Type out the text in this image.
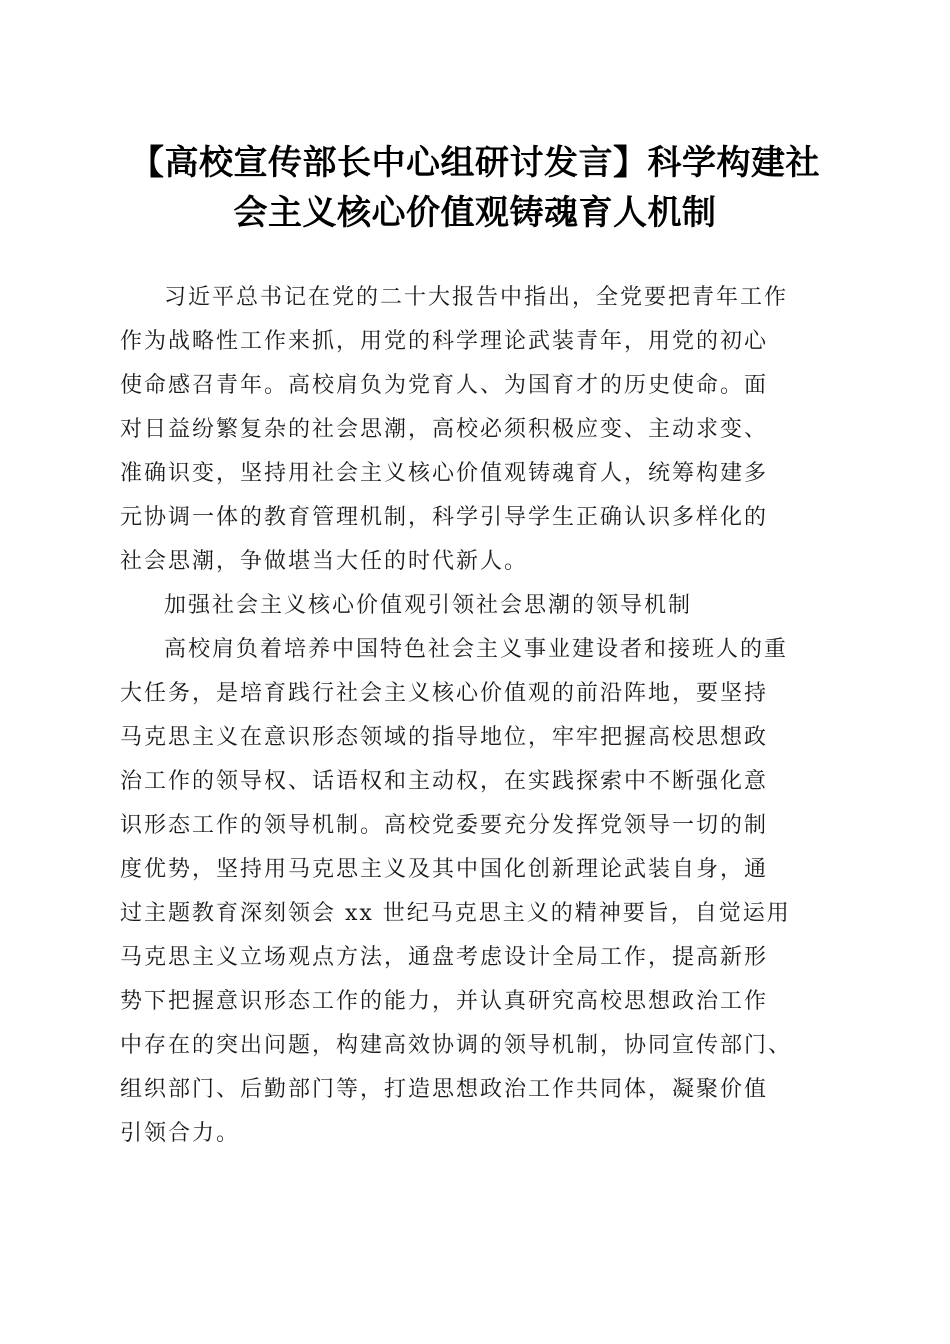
【高校宣传部长中心组研讨发言】科学构建社
会主义核心价值观铸魂育人机制
习近平总书记在党的二十大报告中指出，全党要把青年工作
作为战略性工作来抓，用党的科学理论武装青年，用党的初心
使命感召青年。高校肩负为党育人、为国育才的历史使命。面
对日益纷繁复杂的社会思潮，高校必须积极应变、主动求变、
准确识变，坚持用社会主义核心价值观铸魂育人，统筹构建多
元协调一体的教育管理机制，科学引导学生正确认识多样化的
社会思潮，争做堪当大任的时代新人。
加强社会主义核心价值观引领社会思潮的领导机制
高校肩负着培养中国特色社会主义事业建设者和接班人的重
大任务，是培育践行社会主义核心价值观的前沿阵地，要坚持
马克思主义在意识形态领域的指导地位，牢牢把握高校思想政
治工作的领导权、话语权和主动权，在实践探索中不断强化意
识形态工作的领导机制。高校党委要充分发挥党领导一切的制
度优势，坚持用马克思主义及其中国化创新理论武装自身，通
过主题教育深刻领会 xx 世纪马克思主义的精神要旨，自觉运用
马克思主义立场观点方法，通盘考虑设计全局工作，提高新形
势下把握意识形态工作的能力，并认真研究高校思想政治工作
中存在的突出问题，构建高效协调的领导机制，协同宣传部门、
组织部门、后勤部门等，打造思想政治工作共同体，凝聚价值
引领合力。
